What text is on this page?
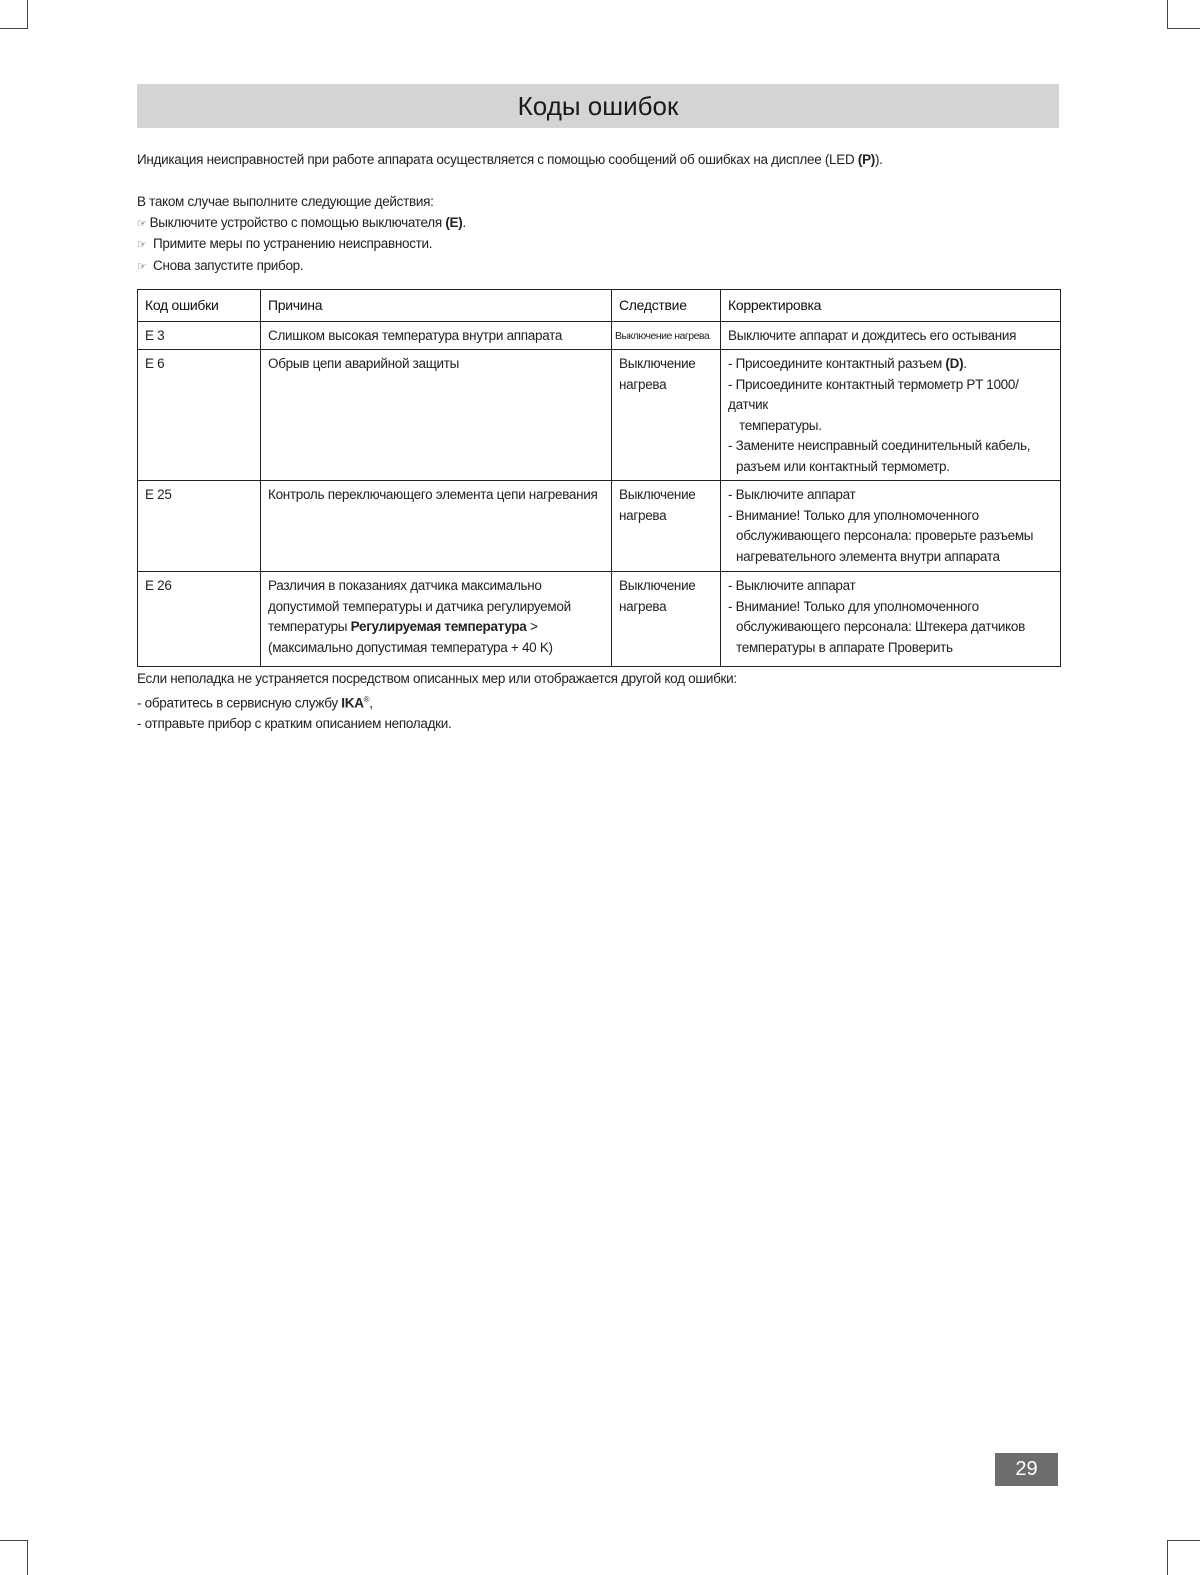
Коды ошибок
Индикация неисправностей при работе аппарата осуществляется с помощью сообщений об ошибках на дисплее (LED (P)).
В таком случае выполните следующие действия:
☞ Выключите устройство с помощью выключателя (E).
☞ Примите меры по устранению неисправности.
☞ Снова запустите прибор.
Код ошибки	Причина	Следствие	Корректировка
E 3	Слишком высокая температура внутри аппарата	Выключение нагрева	Выключите аппарат и дождитесь его остывания
E 6	Обрыв цепи аварийной защиты	Выключение нагрева	- Присоедините контактный разъем (D).
- Присоедините контактный термометр PT 1000/датчик

температуры.
- Замените неисправный соединительный кабель,

разъем или контактный термометр.

E 25	Контроль переключающего элемента цепи нагревания	Выключение нагрева	- Выключите аппарат
- Внимание! Только для уполномоченного

обслуживающего персонала: проверьте разъемы
нагревательного элемента внутри аппарата

E 26	Различия в показаниях датчика максимально допустимой температуры и датчика регулируемой температуры Регулируемая температура > (максимально допустимая температура + 40 K)	Выключение нагрева	- Выключите аппарат
- Внимание! Только для уполномоченного

обслуживающего персонала: Штекера датчиков
температуры в аппарате Проверить
Если неполадка не устраняется посредством описанных мер или отображается другой код ошибки:
- обратитесь в сервисную службу IKA®,
- отправьте прибор с кратким описанием неполадки.
29
